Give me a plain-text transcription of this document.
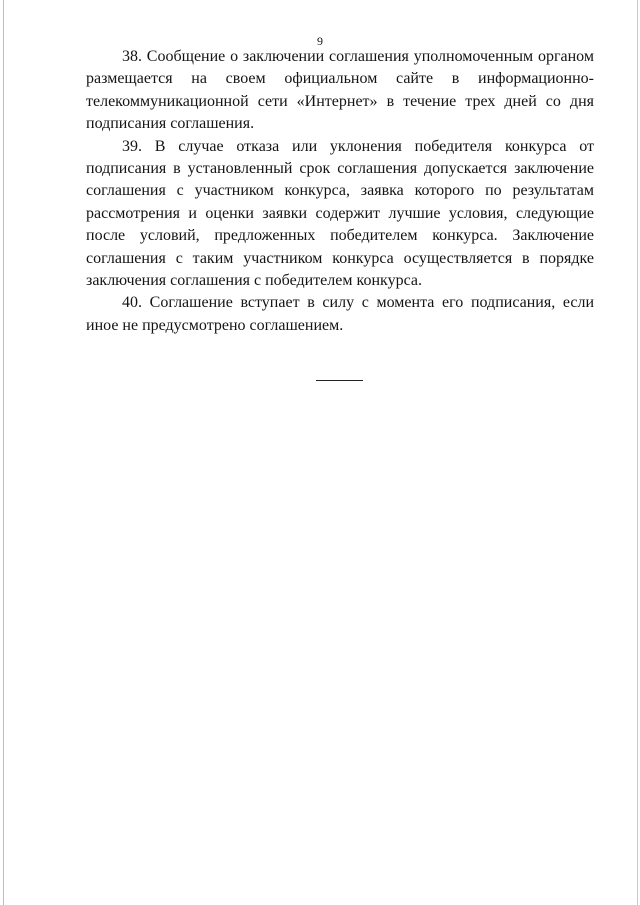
9

38. Сообщение о заключении соглашения уполномоченным органом размещается на своем официальном сайте в информационно-телекоммуникационной сети «Интернет» в течение трех дней со дня подписания соглашения.

39. В случае отказа или уклонения победителя конкурса от подписания в установленный срок соглашения допускается заключение соглашения с участником конкурса, заявка которого по результатам рассмотрения и оценки заявки содержит лучшие условия, следующие после условий, предложенных победителем конкурса. Заключение соглашения с таким участником конкурса осуществляется в порядке заключения соглашения с победителем конкурса.

40. Соглашение вступает в силу с момента его подписания, если иное не предусмотрено соглашением.
